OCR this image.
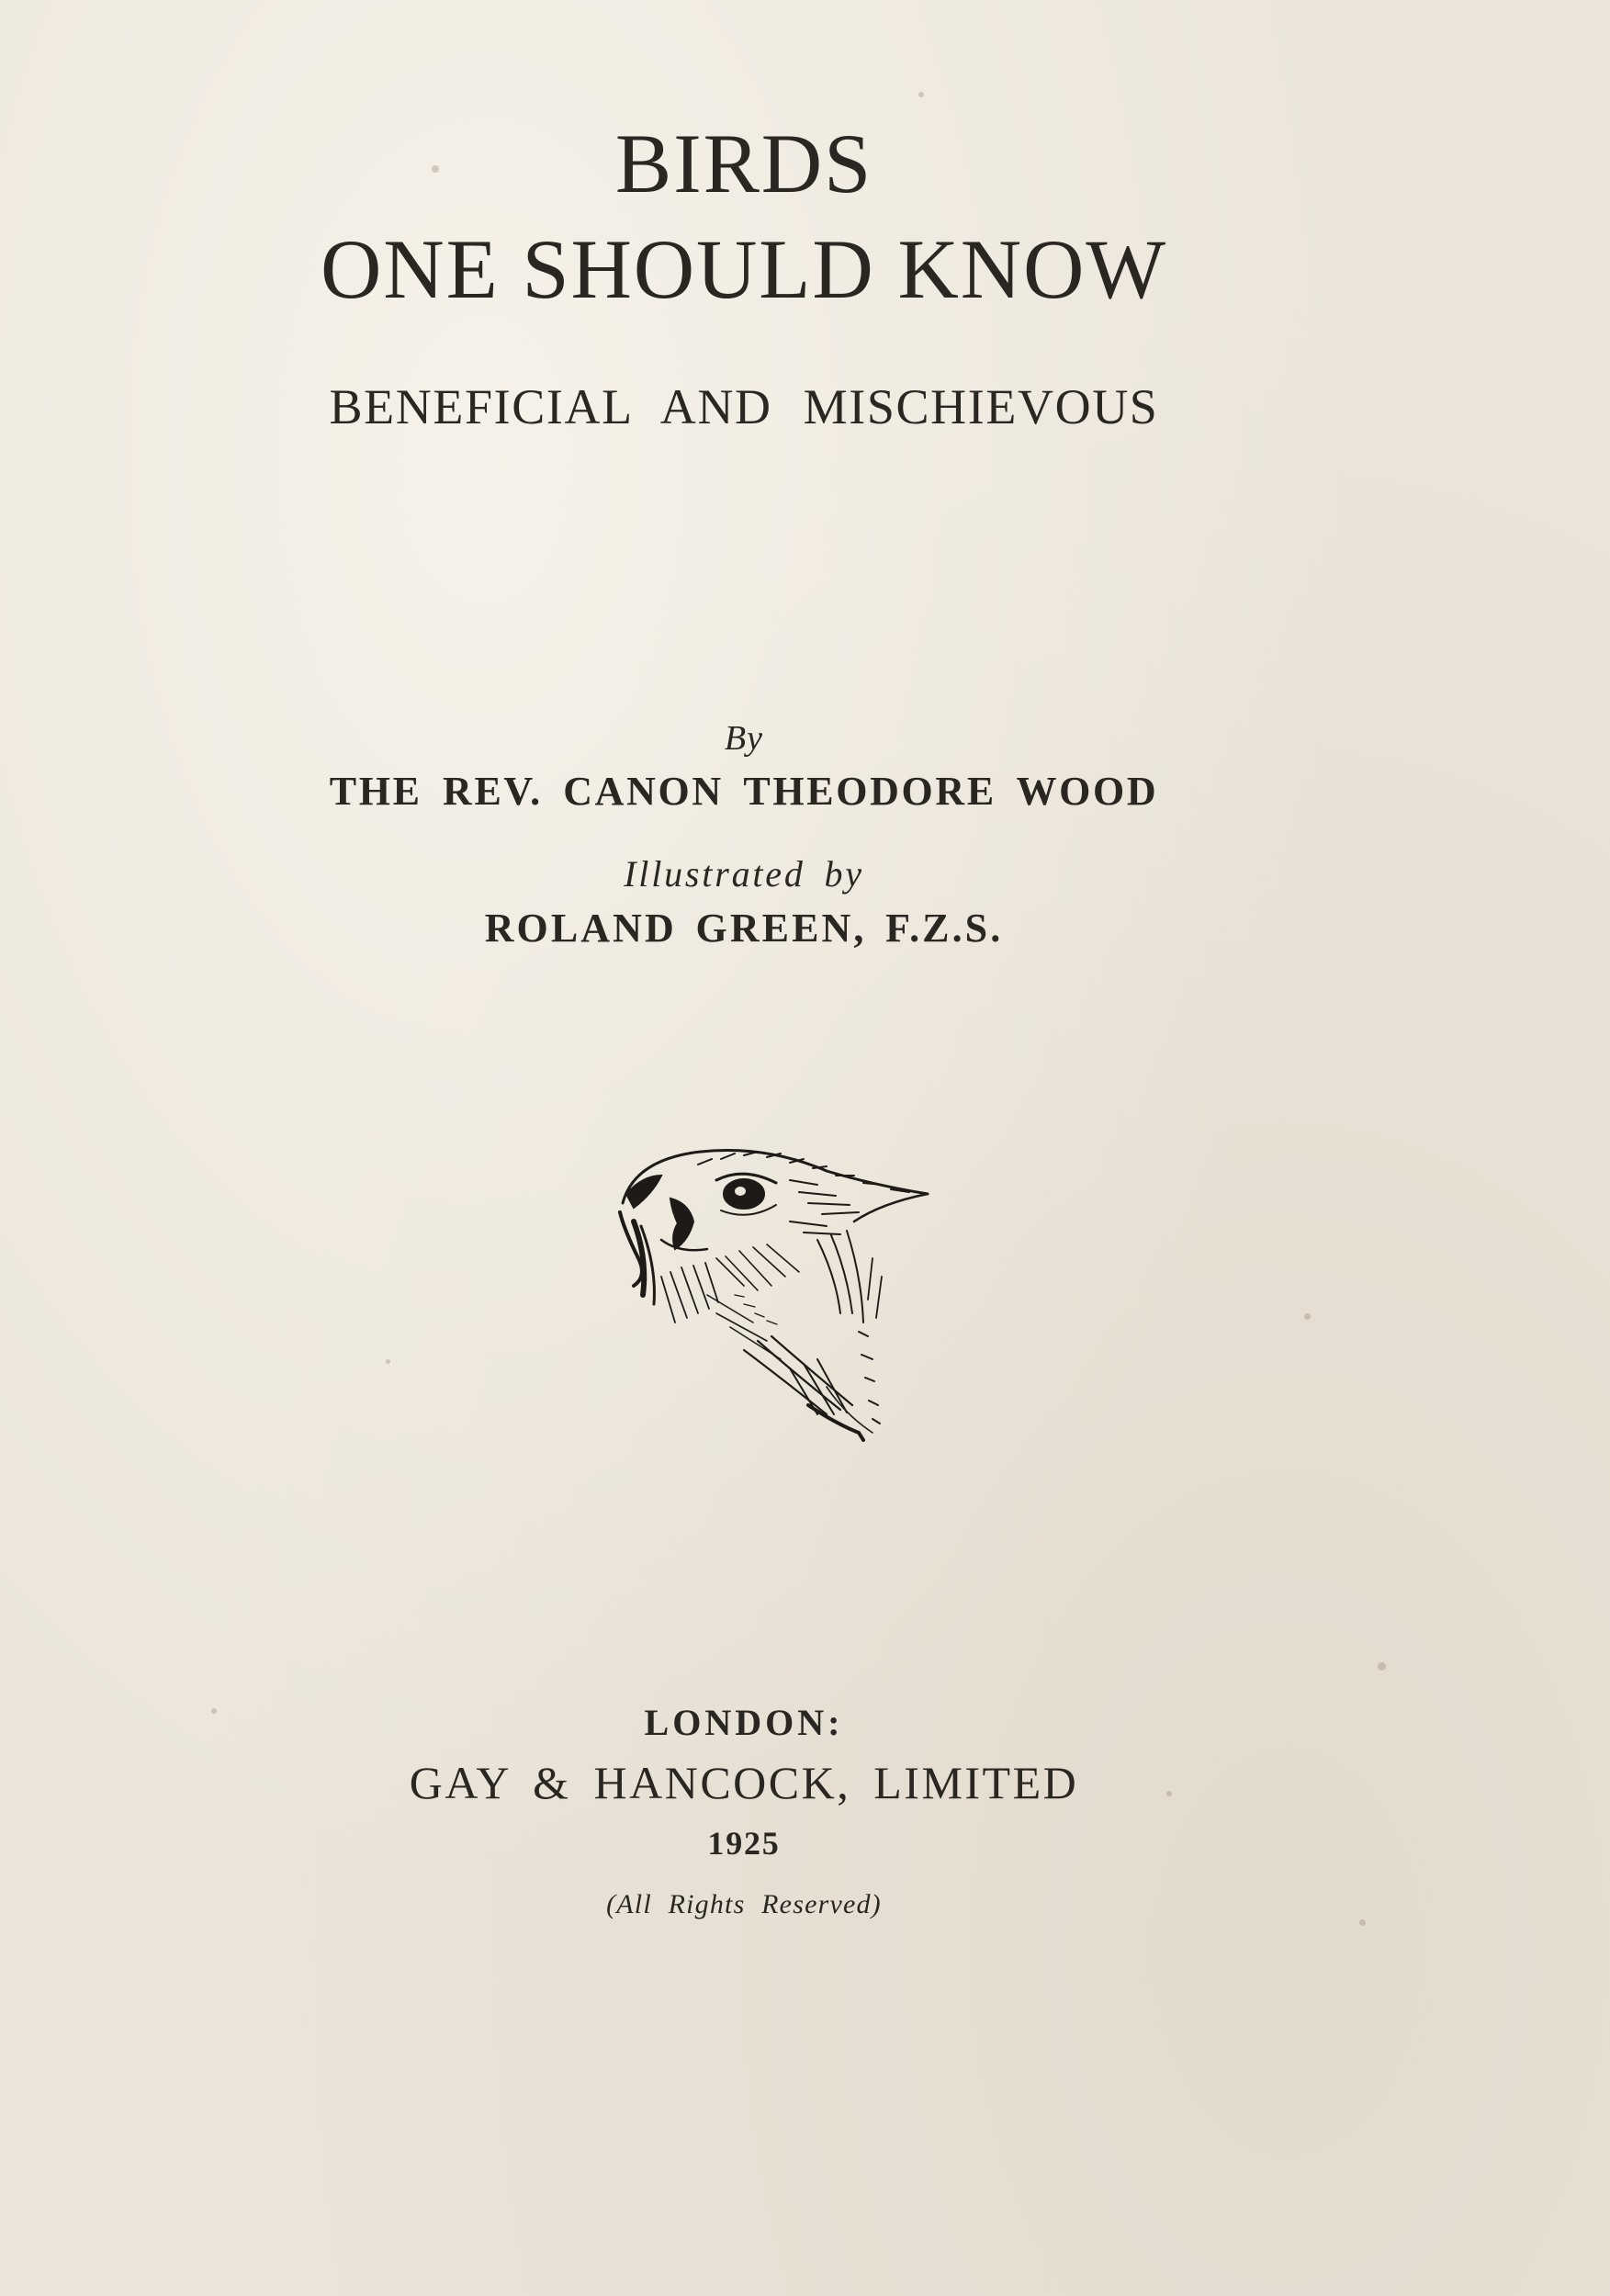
BIRDS
ONE SHOULD KNOW
BENEFICIAL AND MISCHIEVOUS
By
THE REV. CANON THEODORE WOOD
Illustrated by
ROLAND GREEN, F.Z.S.
LONDON:
GAY & HANCOCK, LIMITED
1925
(All Rights Reserved)
